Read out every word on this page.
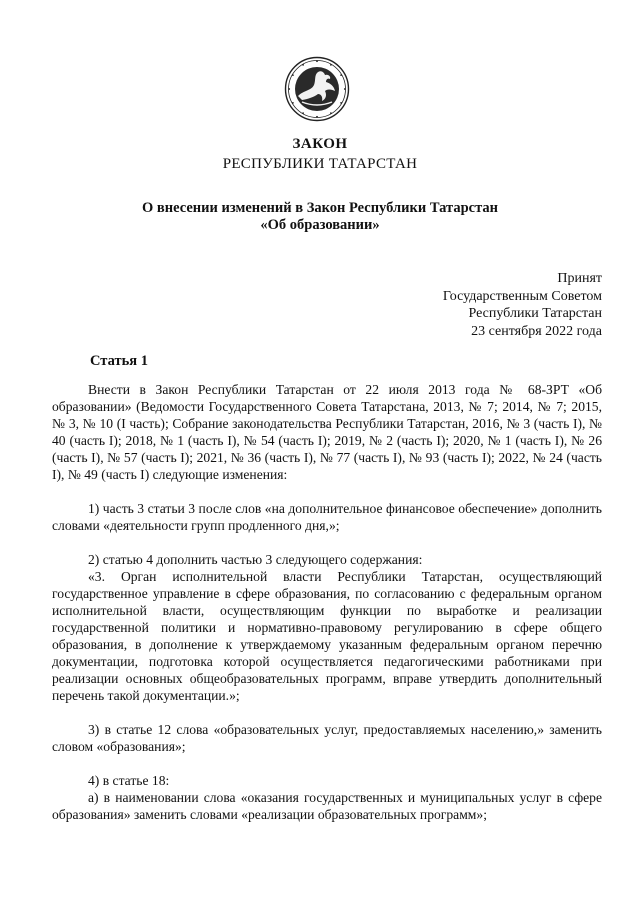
ЗАКОН
РЕСПУБЛИКИ ТАТАРСТАН
О внесении изменений в Закон Республики Татарстан
«Об образовании»
Принят
Государственным Советом
Республики Татарстан
23 сентября 2022 года
Статья 1

Внести в Закон Республики Татарстан от 22 июля 2013 года № 68-ЗРТ «Об образовании» (Ведомости Государственного Совета Татарстана, 2013, № 7; 2014, № 7; 2015, № 3, № 10 (I часть); Собрание законодательства Республики Татарстан, 2016, № 3 (часть I), № 40 (часть I); 2018, № 1 (часть I), № 54 (часть I); 2019, № 2 (часть I); 2020, № 1 (часть I), № 26 (часть I), № 57 (часть I); 2021, № 36 (часть I), № 77 (часть I), № 93 (часть I); 2022, № 24 (часть I), № 49 (часть I) следующие изменения:

1) часть 3 статьи 3 после слов «на дополнительное финансовое обеспечение» дополнить словами «деятельности групп продленного дня,»;

2) статью 4 дополнить частью 3 следующего содержания:

«3. Орган исполнительной власти Республики Татарстан, осуществляющий государственное управление в сфере образования, по согласованию с федеральным органом исполнительной власти, осуществляющим функции по выработке и реализации государственной политики и нормативно-правовому регулированию в сфере общего образования, в дополнение к утверждаемому указанным федеральным органом перечню документации, подготовка которой осуществляется педагогическими работниками при реализации основных общеобразовательных программ, вправе утвердить дополнительный перечень такой документации.»;

3) в статье 12 слова «образовательных услуг, предоставляемых населению,» заменить словом «образования»;

4) в статье 18:

а) в наименовании слова «оказания государственных и муниципальных услуг в сфере образования» заменить словами «реализации образовательных программ»;
